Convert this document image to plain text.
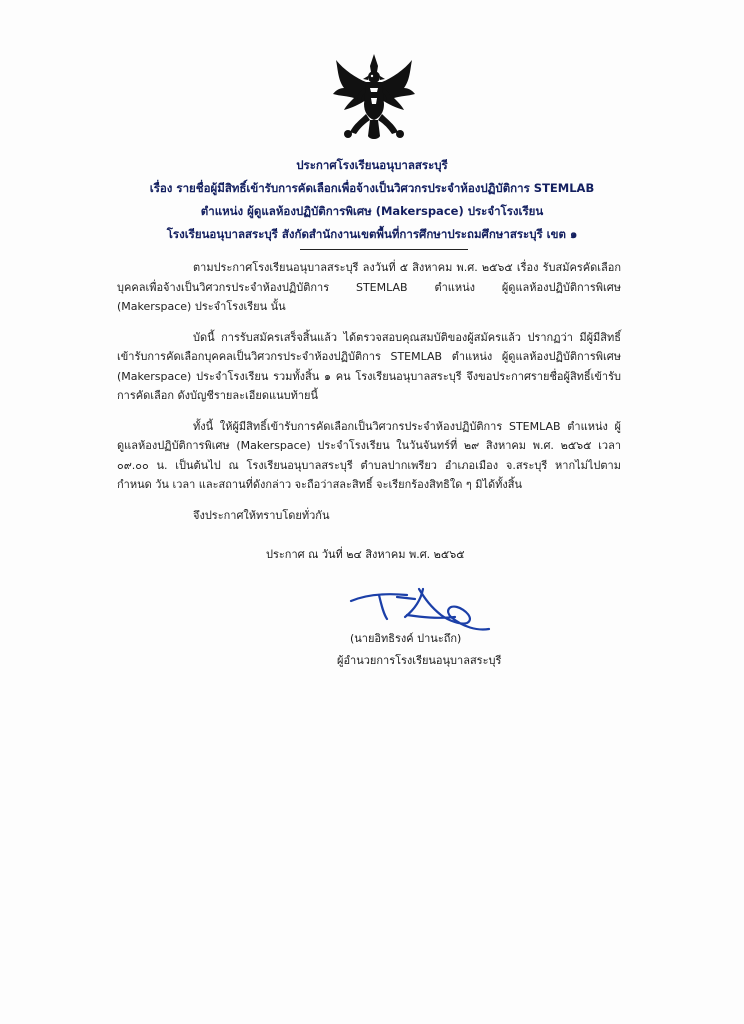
ประกาศโรงเรียนอนุบาลสระบุรี
เรื่อง รายชื่อผู้มีสิทธิ์เข้ารับการคัดเลือกเพื่อจ้างเป็นวิศวกรประจำห้องปฏิบัติการ STEMLAB
ตำแหน่ง ผู้ดูแลห้องปฏิบัติการพิเศษ (Makerspace) ประจำโรงเรียน
โรงเรียนอนุบาลสระบุรี สังกัดสำนักงานเขตพื้นที่การศึกษาประถมศึกษาสระบุรี เขต ๑

ตามประกาศโรงเรียนอนุบาลสระบุรี ลงวันที่ ๕ สิงหาคม พ.ศ. ๒๕๖๕ เรื่อง รับสมัครคัดเลือกบุคคลเพื่อจ้างเป็นวิศวกรประจำห้องปฏิบัติการ STEMLAB ตำแหน่ง ผู้ดูแลห้องปฏิบัติการพิเศษ (Makerspace) ประจำโรงเรียน นั้น

บัดนี้ การรับสมัครเสร็จสิ้นแล้ว ได้ตรวจสอบคุณสมบัติของผู้สมัครแล้ว ปรากฏว่า มีผู้มีสิทธิ์เข้ารับการคัดเลือกบุคคลเป็นวิศวกรประจำห้องปฏิบัติการ STEMLAB ตำแหน่ง ผู้ดูแลห้องปฏิบัติการพิเศษ (Makerspace) ประจำโรงเรียน รวมทั้งสิ้น ๑ คน โรงเรียนอนุบาลสระบุรี จึงขอประกาศรายชื่อผู้สิทธิ์เข้ารับการคัดเลือก ดังบัญชีรายละเอียดแนบท้ายนี้

ทั้งนี้ ให้ผู้มีสิทธิ์เข้ารับการคัดเลือกเป็นวิศวกรประจำห้องปฏิบัติการ STEMLAB ตำแหน่ง ผู้ดูแลห้องปฏิบัติการพิเศษ (Makerspace) ประจำโรงเรียน ในวันจันทร์ที่ ๒๙ สิงหาคม พ.ศ. ๒๕๖๕ เวลา ๐๙.๐๐ น. เป็นต้นไป ณ โรงเรียนอนุบาลสระบุรี ตำบลปากเพรียว อำเภอเมือง จ.สระบุรี หากไม่ไปตามกำหนด วัน เวลา และสถานที่ดังกล่าว จะถือว่าสละสิทธิ์ จะเรียกร้องสิทธิใด ๆ มิได้ทั้งสิ้น

จึงประกาศให้ทราบโดยทั่วกัน

ประกาศ ณ วันที่ ๒๔ สิงหาคม พ.ศ. ๒๕๖๕
(นายอิทธิรงค์ ปานะถึก)
ผู้อำนวยการโรงเรียนอนุบาลสระบุรี
